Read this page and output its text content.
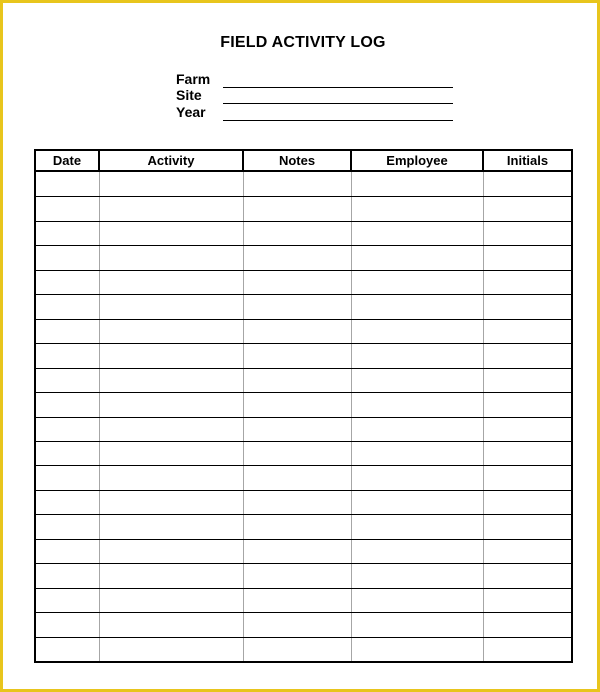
FIELD ACTIVITY LOG
Farm
Site
Year
Date	Activity	Notes	Employee	Initials
